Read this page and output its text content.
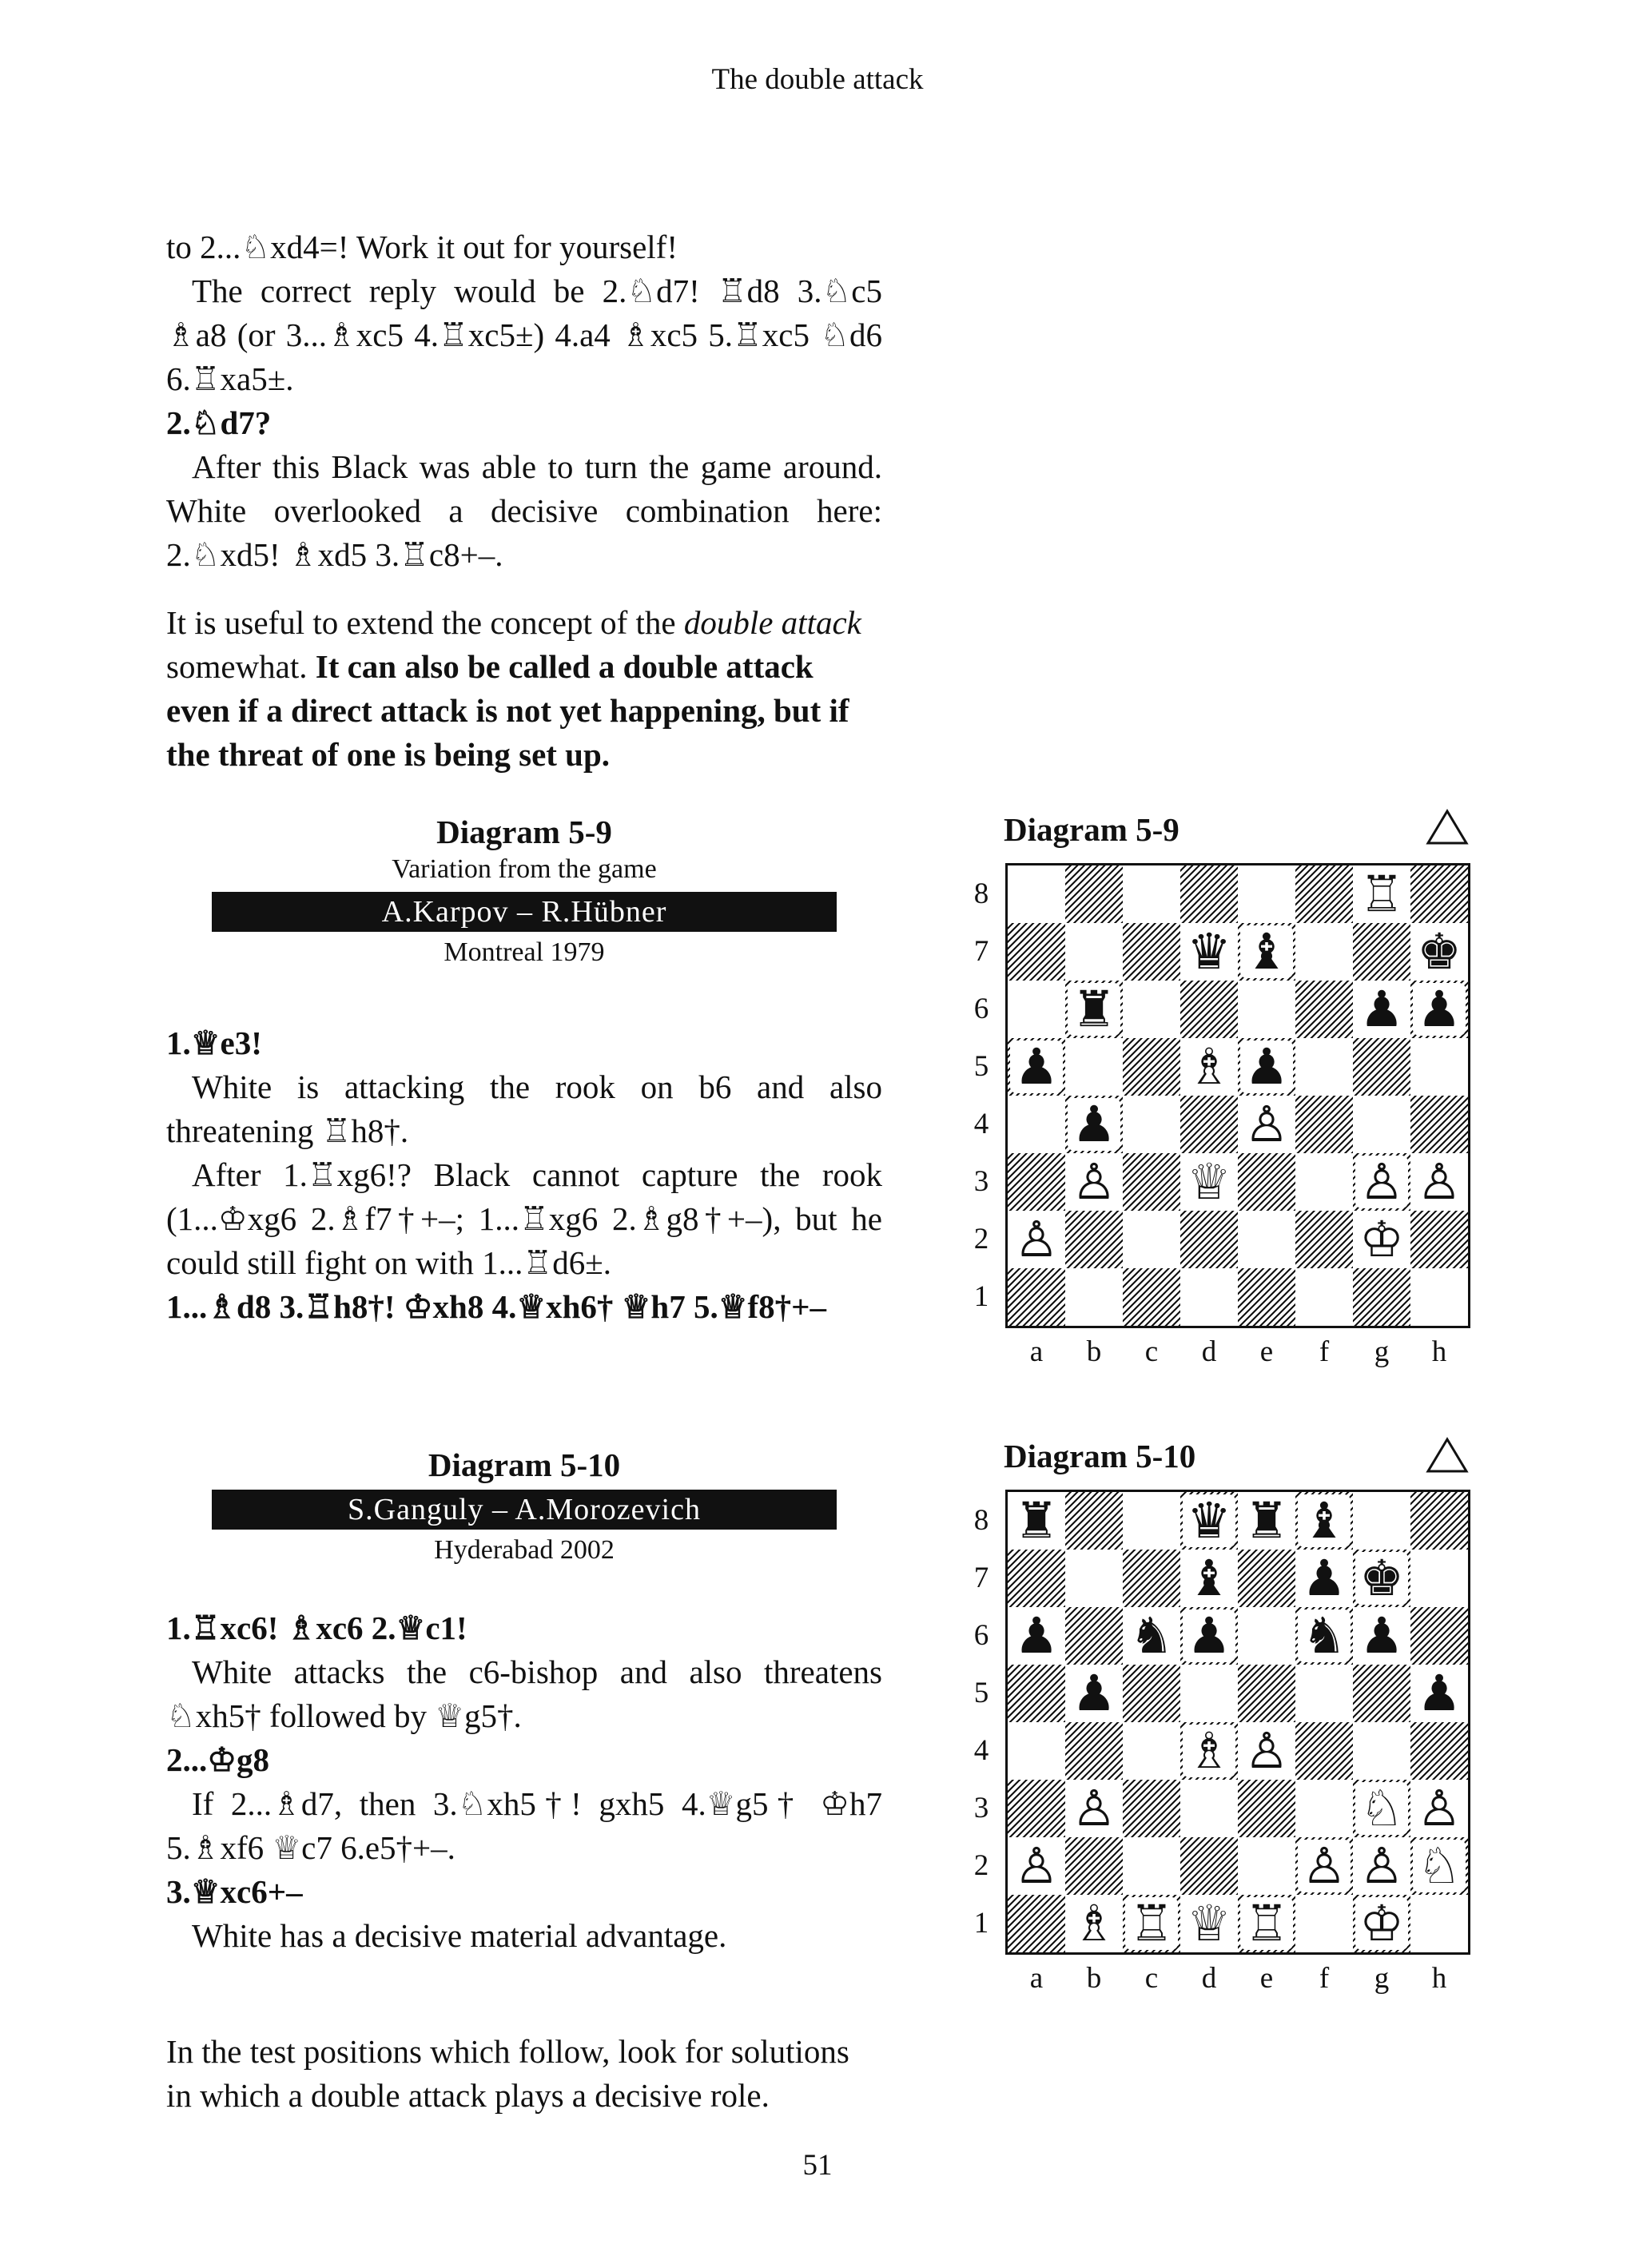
The double attack

to 2...♘xd4=! Work it out for yourself!

The correct reply would be 2.♘d7! ♖d8 3.♘c5 ♗a8 (or 3...♗xc5 4.♖xc5±) 4.a4 ♗xc5 5.♖xc5 ♘d6 6.♖xa5±.

2.♘d7?

After this Black was able to turn the game around. White overlooked a decisive combination here: 2.♘xd5! ♗xd5 3.♖c8+–.

It is useful to extend the concept of the double attack somewhat. It can also be called a double attack even if a direct attack is not yet happening, but if the threat of one is being set up.

Diagram 5-9
Variation from the game
A.Karpov – R.Hübner
Montreal 1979

1.♕e3!

White is attacking the rook on b6 and also threatening ♖h8†.

After 1.♖xg6!? Black cannot capture the rook (1...♔xg6 2.♗f7†+–; 1...♖xg6 2.♗g8†+–), but he could still fight on with 1...♖d6±.

1...♗d8 3.♖h8†! ♔xh8 4.♕xh6† ♕h7 5.♕f8†+–

Diagram 5-10
S.Ganguly – A.Morozevich
Hyderabad 2002

1.♖xc6! ♗xc6 2.♕c1!

White attacks the c6-bishop and also threatens ♘xh5† followed by ♕g5†.

2...♔g8

If 2...♗d7, then 3.♘xh5†! gxh5 4.♕g5† ♔h7 5.♗xf6 ♕c7 6.e5†+–.

3.♕xc6+–

White has a decisive material advantage.

In the test positions which follow, look for solutions in which a double attack plays a decisive role.
51
Diagram 5-9
♖
♛ ♝	♚
♜	♟ ♟
♟	♗ ♟
♟	♙
♙ ♕	♙ ♙
♙	♔
8
7
6
5
4
3
2
1
a	b	c	d	e	f	g	h
Diagram 5-10
♜	♛ ♜ ♝
♝ ♟ ♚
♟ ♞ ♟ ♞ ♟
♟	♟
♗ ♙
♙	♘ ♙
♙	♙ ♙ ♘
♗ ♖ ♕ ♖ ♔
8
7
6
5
4
3
2
1
a	b	c	d	e	f	g	h
